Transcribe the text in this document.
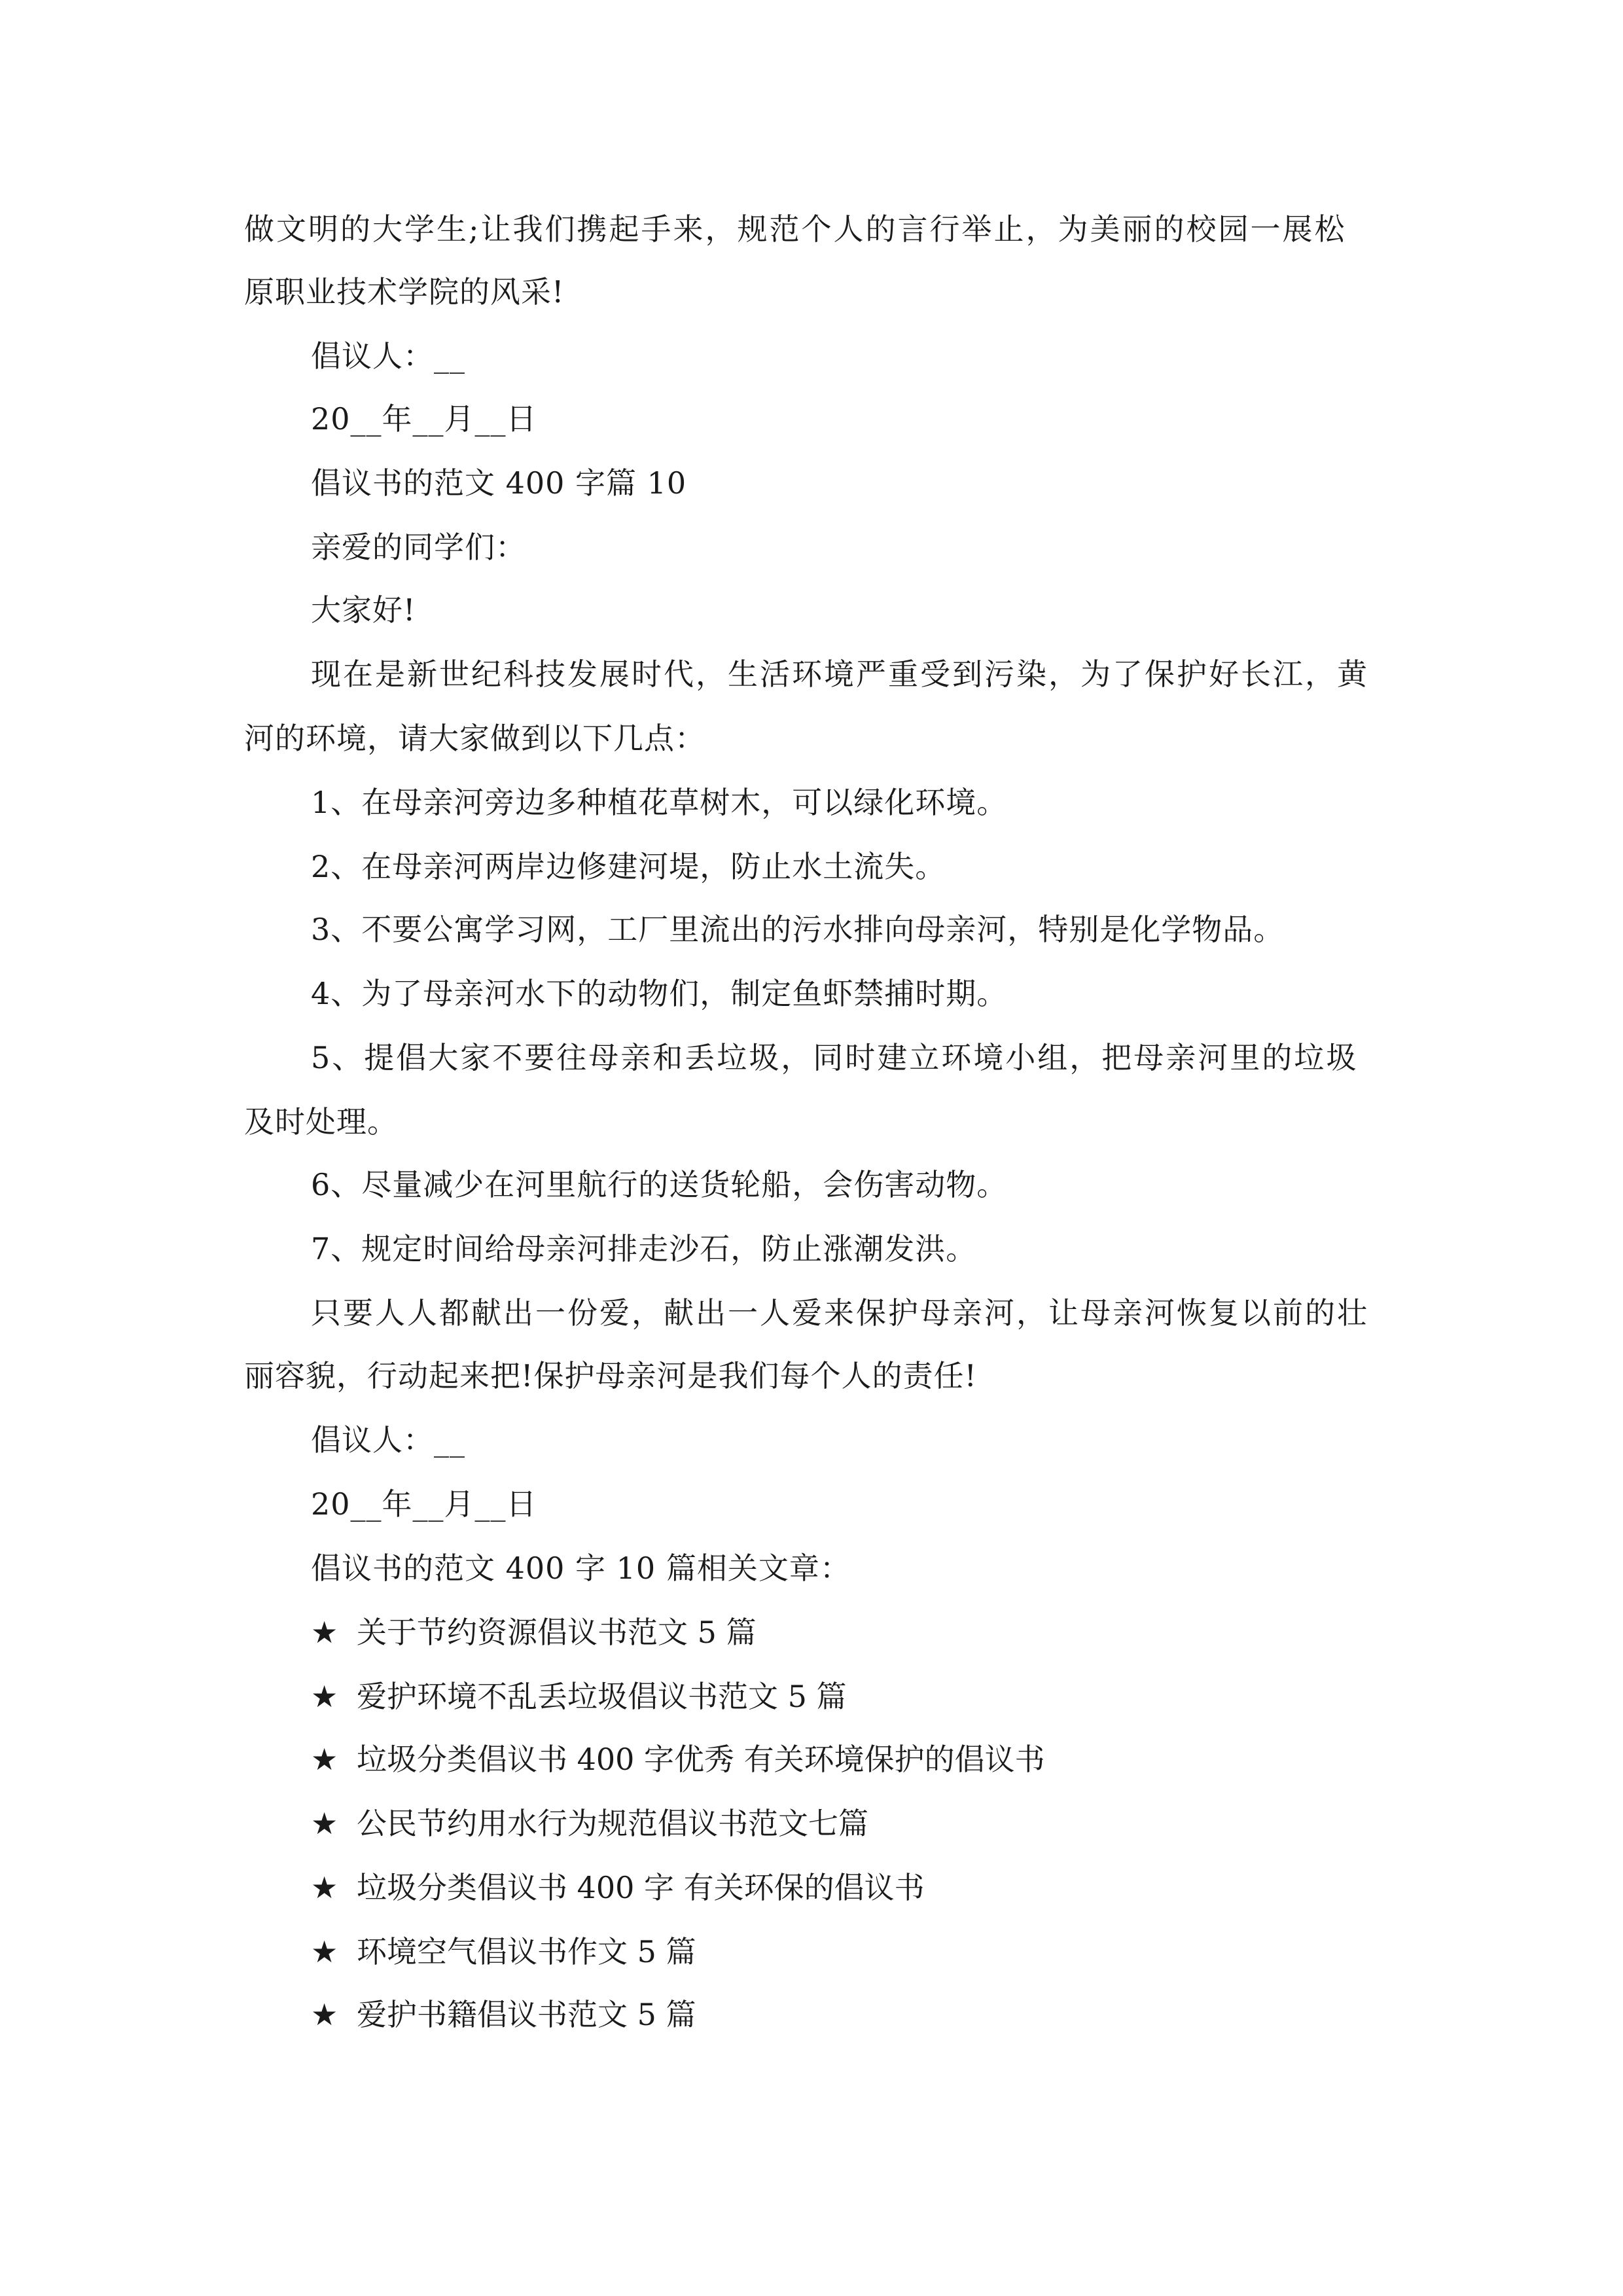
做文明的大学生;让我们携起手来，规范个人的言行举止，为美丽的校园一展松
原职业技术学院的风采!
倡议人：__
20__年__月__日
倡议书的范文 400 字篇 10
亲爱的同学们：
大家好!
现在是新世纪科技发展时代，生活环境严重受到污染，为了保护好长江，黄
河的环境，请大家做到以下几点：
1、在母亲河旁边多种植花草树木，可以绿化环境。
2、在母亲河两岸边修建河堤，防止水土流失。
3、不要公寓学习网，工厂里流出的污水排向母亲河，特别是化学物品。
4、为了母亲河水下的动物们，制定鱼虾禁捕时期。
5、提倡大家不要往母亲和丢垃圾，同时建立环境小组，把母亲河里的垃圾
及时处理。
6、尽量减少在河里航行的送货轮船，会伤害动物。
7、规定时间给母亲河排走沙石，防止涨潮发洪。
只要人人都献出一份爱，献出一人爱来保护母亲河，让母亲河恢复以前的壮
丽容貌，行动起来把!保护母亲河是我们每个人的责任!
倡议人：__
20__年__月__日
倡议书的范文 400 字 10 篇相关文章：
★ 关于节约资源倡议书范文 5 篇
★ 爱护环境不乱丢垃圾倡议书范文 5 篇
★ 垃圾分类倡议书 400 字优秀 有关环境保护的倡议书
★ 公民节约用水行为规范倡议书范文七篇
★ 垃圾分类倡议书 400 字 有关环保的倡议书
★ 环境空气倡议书作文 5 篇
★ 爱护书籍倡议书范文 5 篇
